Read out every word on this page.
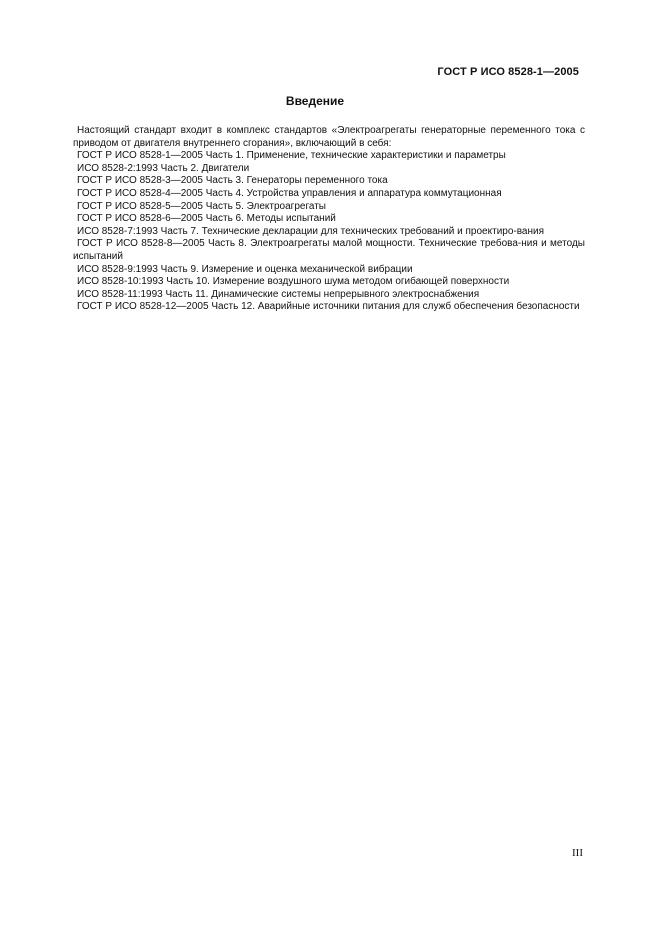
ГОСТ Р ИСО 8528-1—2005
Введение

Настоящий стандарт входит в комплекс стандартов «Электроагрегаты генераторные переменного тока с приводом от двигателя внутреннего сгорания», включающий в себя:

ГОСТ Р ИСО 8528-1—2005 Часть 1. Применение, технические характеристики и параметры

ИСО 8528-2:1993 Часть 2. Двигатели

ГОСТ Р ИСО 8528-3—2005 Часть 3. Генераторы переменного тока

ГОСТ Р ИСО 8528-4—2005 Часть 4. Устройства управления и аппаратура коммутационная

ГОСТ Р ИСО 8528-5—2005 Часть 5. Электроагрегаты

ГОСТ Р ИСО 8528-6—2005 Часть 6. Методы испытаний

ИСО 8528-7:1993 Часть 7. Технические декларации для технических требований и проектиро-вания

ГОСТ Р ИСО 8528-8—2005 Часть 8. Электроагрегаты малой мощности. Технические требова-ния и методы испытаний

ИСО 8528-9:1993 Часть 9. Измерение и оценка механической вибрации

ИСО 8528-10:1993 Часть 10. Измерение воздушного шума методом огибающей поверхности

ИСО 8528-11:1993 Часть 11. Динамические системы непрерывного электроснабжения

ГОСТ Р ИСО 8528-12—2005 Часть 12. Аварийные источники питания для служб обеспечения безопасности

III
